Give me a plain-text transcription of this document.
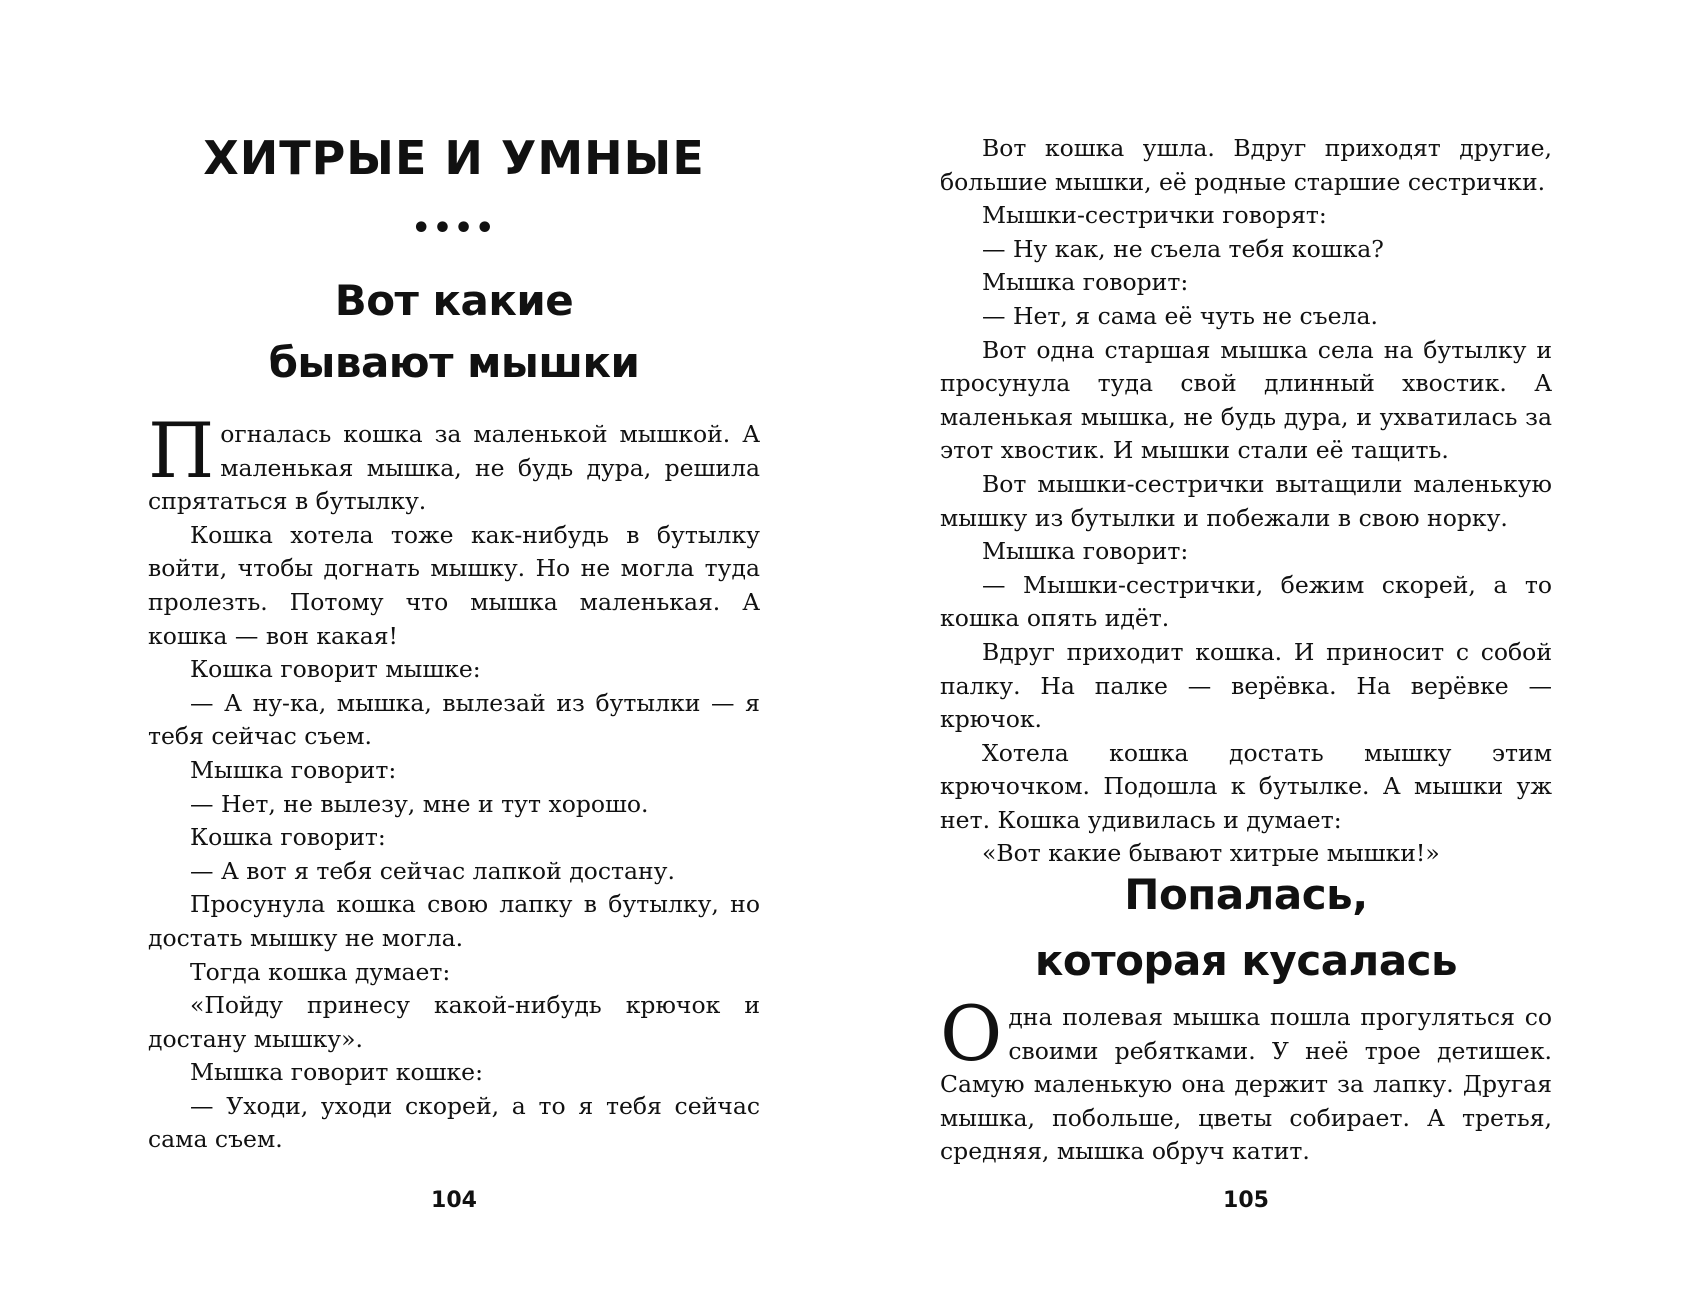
ХИТРЫЕ И УМНЫЕ
••••
Вот какие
бывают мышки

Погналась кошка за маленькой мышкой. А маленькая мышка, не будь дура, решила спрятаться в бутылку.

Кошка хотела тоже как-нибудь в бутылку войти, чтобы догнать мышку. Но не могла туда пролезть. Потому что мышка маленькая. А кошка — вон какая!

Кошка говорит мышке:

— А ну-ка, мышка, вылезай из бутылки — я тебя сейчас съем.

Мышка говорит:

— Нет, не вылезу, мне и тут хорошо.

Кошка говорит:

— А вот я тебя сейчас лапкой достану.

Просунула кошка свою лапку в бутылку, но достать мышку не могла.

Тогда кошка думает:

«Пойду принесу какой-нибудь крючок и достану мышку».

Мышка говорит кошке:

— Уходи, уходи скорей, а то я тебя сейчас сама съем.

104

Вот кошка ушла. Вдруг приходят другие, большие мышки, её родные старшие сестрички.

Мышки-сестрички говорят:

— Ну как, не съела тебя кошка?

Мышка говорит:

— Нет, я сама её чуть не съела.

Вот одна старшая мышка села на бутылку и просунула туда свой длинный хвостик. А маленькая мышка, не будь дура, и ухватилась за этот хвостик. И мышки стали её тащить.

Вот мышки-сестрички вытащили маленькую мышку из бутылки и побежали в свою норку.

Мышка говорит:

— Мышки-сестрички, бежим скорей, а то кошка опять идёт.

Вдруг приходит кошка. И приносит с собой палку. На палке — верёвка. На верёвке — крючок.

Хотела кошка достать мышку этим крючочком. Подошла к бутылке. А мышки уж нет. Кошка удивилась и думает:

«Вот какие бывают хитрые мышки!»

Попалась,
которая кусалась

Одна полевая мышка пошла прогуляться со своими ребятками. У неё трое детишек. Самую маленькую она держит за лапку. Другая мышка, побольше, цветы собирает. А третья, средняя, мышка обруч катит.

105
